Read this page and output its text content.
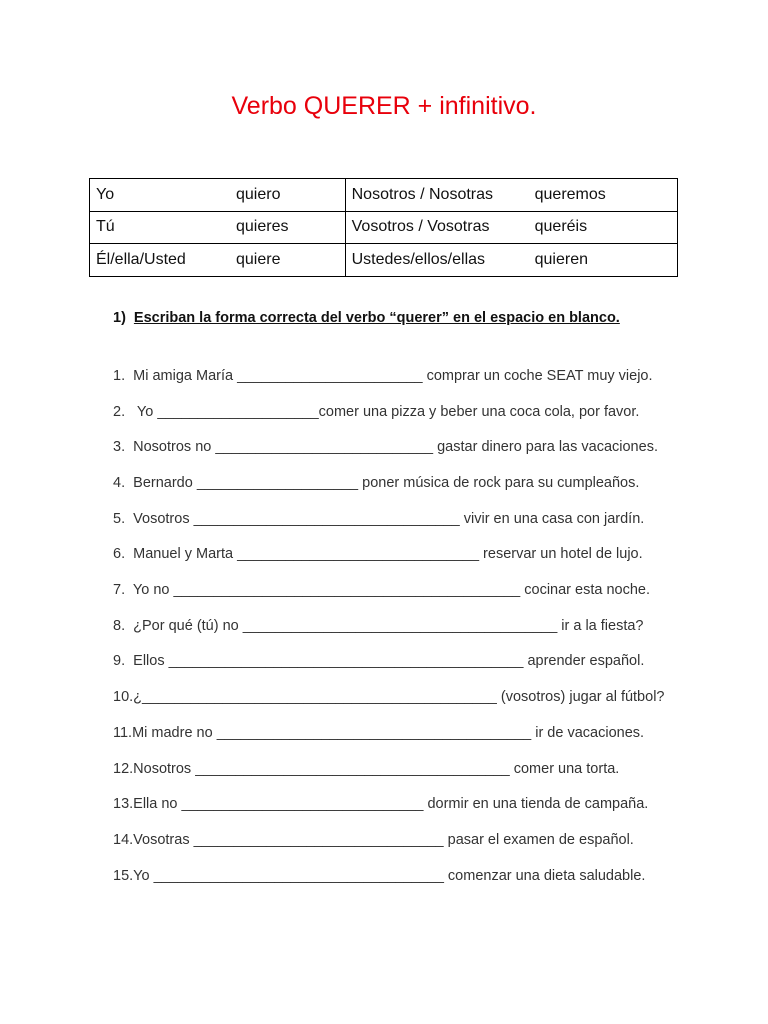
Verbo QUERER + infinitivo.
Yo quiero	Nosotros / Nosotras queremos

Tú quieres	Vosotros / Vosotras queréis

Él/ella/Usted quiere	Ustedes/ellos/ellas quieren
1) Escriban la forma correcta del verbo “querer” en el espacio en blanco.
1.  Mi amiga María _______________________ comprar un coche SEAT muy viejo.
2.   Yo ____________________comer una pizza y beber una coca cola, por favor.
3.  Nosotros no ___________________________ gastar dinero para las vacaciones.
4.  Bernardo ____________________ poner música de rock para su cumpleaños.
5.  Vosotros _________________________________ vivir en una casa con jardín.
6.  Manuel y Marta ______________________________ reservar un hotel de lujo.
7.  Yo no ___________________________________________ cocinar esta noche.
8.  ¿Por qué (tú) no _______________________________________ ir a la fiesta?
9.  Ellos ____________________________________________ aprender español.
10.¿____________________________________________ (vosotros) jugar al fútbol?
11.Mi madre no _______________________________________ ir de vacaciones.
12.Nosotros _______________________________________ comer una torta.
13.Ella no ______________________________ dormir en una tienda de campaña.
14.Vosotras _______________________________ pasar el examen de español.
15.Yo ____________________________________ comenzar una dieta saludable.
